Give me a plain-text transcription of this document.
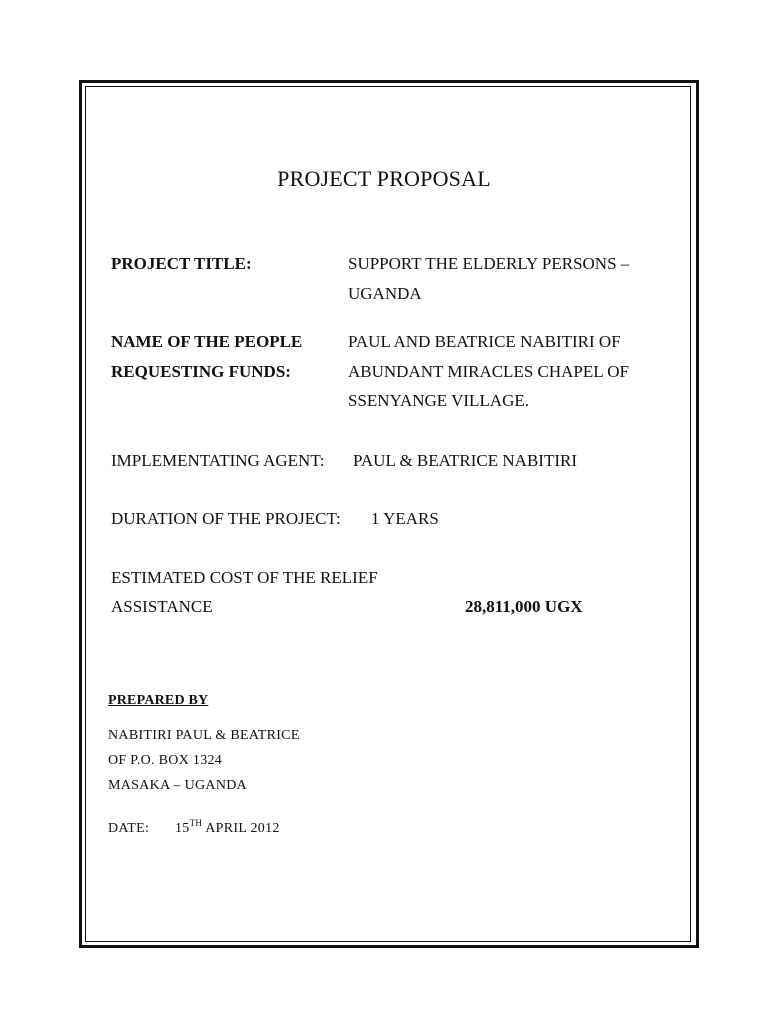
PROJECT PROPOSAL
PROJECT TITLE:	SUPPORT THE ELDERLY PERSONS –
UGANDA
NAME OF THE PEOPLE
REQUESTING FUNDS:
PAUL AND BEATRICE NABITIRI OF
ABUNDANT MIRACLES CHAPEL OF
SSENYANGE VILLAGE.
IMPLEMENTATING AGENT: PAUL & BEATRICE NABITIRI
DURATION OF THE PROJECT: 1 YEARS
ESTIMATED COST OF THE RELIEF
ASSISTANCE	28,811,000 UGX
PREPARED BY
NABITIRI PAUL & BEATRICE
OF P.O. BOX 1324
MASAKA – UGANDA
DATE: 15TH APRIL 2012
